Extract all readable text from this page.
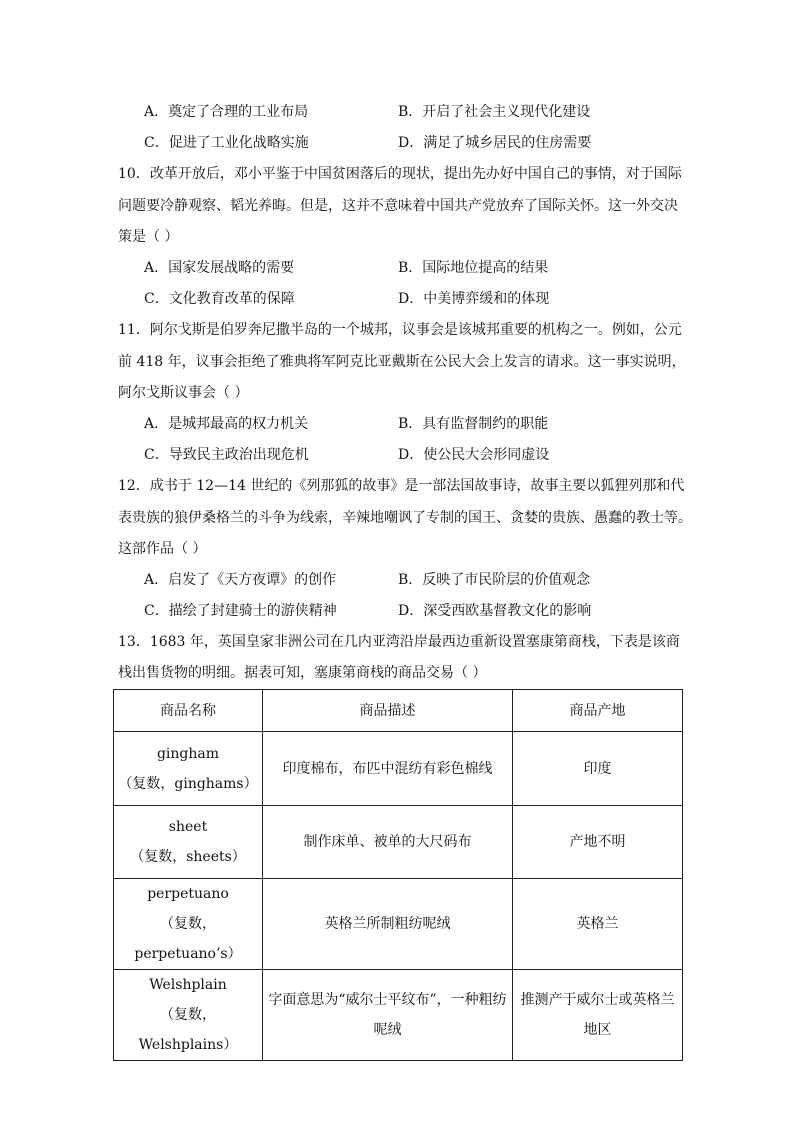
A．奠定了合理的工业布局	B．开启了社会主义现代化建设
C．促进了工业化战略实施	D．满足了城乡居民的住房需要
10．改革开放后，邓小平鉴于中国贫困落后的现状，提出先办好中国自己的事情，对于国际
问题要冷静观察、韬光养晦。但是，这并不意味着中国共产党放弃了国际关怀。这一外交决
策是（ ）
A．国家发展战略的需要	B．国际地位提高的结果
C．文化教育改革的保障	D．中美博弈缓和的体现
11．阿尔戈斯是伯罗奔尼撒半岛的一个城邦，议事会是该城邦重要的机构之一。例如，公元
前 418 年，议事会拒绝了雅典将军阿克比亚戴斯在公民大会上发言的请求。这一事实说明，
阿尔戈斯议事会（ ）
A．是城邦最高的权力机关	B．具有监督制约的职能
C．导致民主政治出现危机	D．使公民大会形同虚设
12．成书于 12—14 世纪的《列那狐的故事》是一部法国故事诗，故事主要以狐狸列那和代
表贵族的狼伊桑格兰的斗争为线索，辛辣地嘲讽了专制的国王、贪婪的贵族、愚蠢的教士等。
这部作品（ ）
A．启发了《天方夜谭》的创作	B．反映了市民阶层的价值观念
C．描绘了封建骑士的游侠精神	D．深受西欧基督教文化的影响
13．1683 年，英国皇家非洲公司在几内亚湾沿岸最西边重新设置塞康第商栈，下表是该商
栈出售货物的明细。据表可知，塞康第商栈的商品交易（ ）
商品名称	商品描述	商品产地

gingham
（复数，ginghams）	印度棉布，布匹中混纺有彩色棉线	印度

sheet
（复数，sheets）	制作床单、被单的大尺码布	产地不明

perpetuano
（复数，perpetuano’s）	英格兰所制粗纺呢绒	英格兰

Welshplain
（复数，Welshplains）	字面意思为“威尔士平纹布”，一种粗纺呢绒	推测产于威尔士或英格兰地区
